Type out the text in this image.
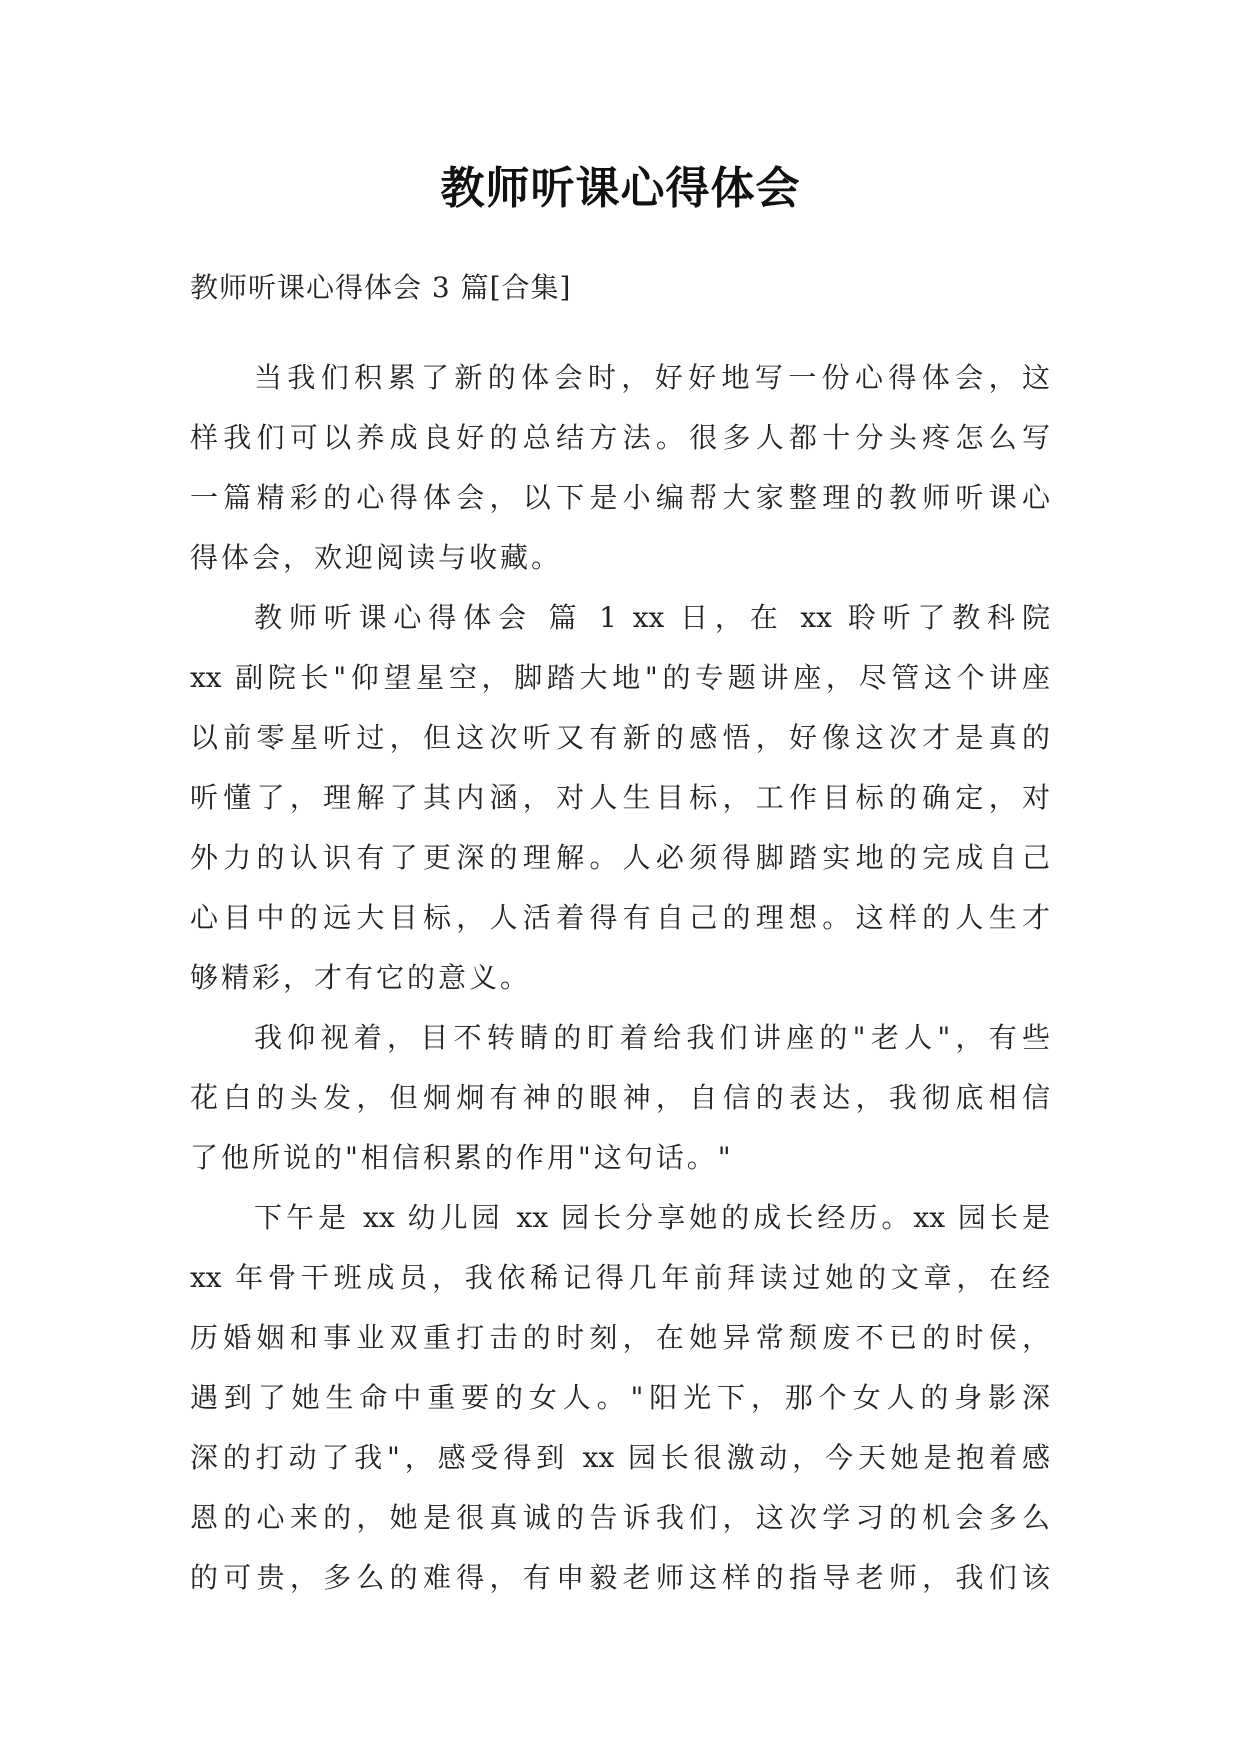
教师听课心得体会
教师听课心得体会 3 篇[合集]
当我们积累了新的体会时，好好地写一份心得体会，这
样我们可以养成良好的总结方法。很多人都十分头疼怎么写
一篇精彩的心得体会，以下是小编帮大家整理的教师听课心
得体会，欢迎阅读与收藏。
教师听课心得体会 篇 1 xx 日，在 xx 聆听了教科院
xx 副院长"仰望星空，脚踏大地"的专题讲座，尽管这个讲座
以前零星听过，但这次听又有新的感悟，好像这次才是真的
听懂了，理解了其内涵，对人生目标，工作目标的确定，对
外力的认识有了更深的理解。人必须得脚踏实地的完成自己
心目中的远大目标，人活着得有自己的理想。这样的人生才
够精彩，才有它的意义。
我仰视着，目不转睛的盯着给我们讲座的"老人"，有些
花白的头发，但炯炯有神的眼神，自信的表达，我彻底相信
了他所说的"相信积累的作用"这句话。"
下午是 xx 幼儿园 xx 园长分享她的成长经历。xx 园长是
xx 年骨干班成员，我依稀记得几年前拜读过她的文章，在经
历婚姻和事业双重打击的时刻，在她异常颓废不已的时侯，
遇到了她生命中重要的女人。"阳光下，那个女人的身影深
深的打动了我"，感受得到 xx 园长很激动，今天她是抱着感
恩的心来的，她是很真诚的告诉我们，这次学习的机会多么
的可贵，多么的难得，有申毅老师这样的指导老师，我们该
